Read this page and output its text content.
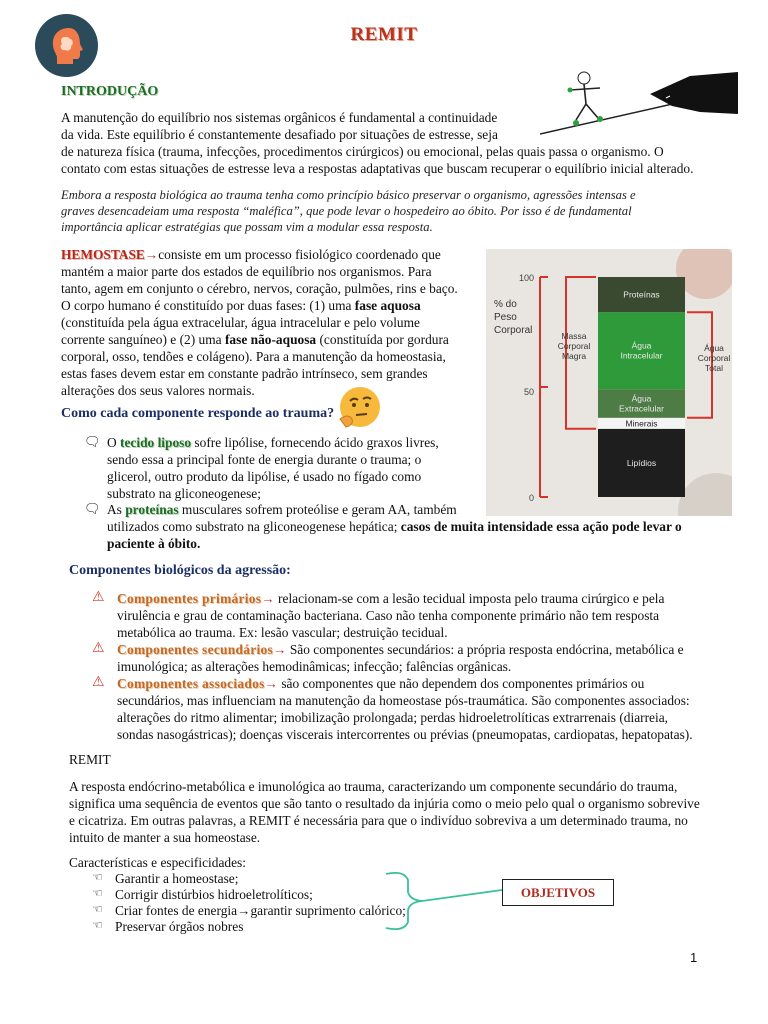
REMIT
INTRODUÇÃO
A manutenção do equilíbrio nos sistemas orgânicos é fundamental a continuidade
da vida. Este equilíbrio é constantemente desafiado por situações de estresse, seja
de natureza física (trauma, infecções, procedimentos cirúrgicos) ou emocional, pelas quais passa o organismo. O
contato com estas situações de estresse leva a respostas adaptativas que buscam recuperar o equilíbrio inicial alterado.
Embora a resposta biológica ao trauma tenha como princípio básico preservar o organismo, agressões intensas e
graves desencadeiam uma resposta “maléfica”, que pode levar o hospedeiro ao óbito. Por isso é de fundamental
importância aplicar estratégias que possam vim a modular essa resposta.
HEMOSTASE→consiste em um processo fisiológico coordenado que
mantém a maior parte dos estados de equilíbrio nos organismos. Para
tanto, agem em conjunto o cérebro, nervos, coração, pulmões, rins e baço.
O corpo humano é constituído por duas fases: (1) uma fase aquosa
(constituída pela água extracelular, água intracelular e pelo volume
corrente sanguíneo) e (2) uma fase não-aquosa (constituída por gordura
corporal, osso, tendões e colágeno). Para a manutenção da homeostasia,
estas fases devem estar em constante padrão intrínseco, sem grandes
alterações dos seus valores normais.
Lipídios
Minerais
Água Extracelular
Água Intracelular
Proteínas
Massa Corporal Magra
Água Corporal Total
100
50
0
% do Peso Corporal
Como cada componente responde ao trauma?
🗨 O tecido liposo sofre lipólise, fornecendo ácido graxos livres,
sendo essa a principal fonte de energia durante o trauma; o
glicerol, outro produto da lipólise, é usado no fígado como
substrato na gliconeogenese;
🗨 As proteínas musculares sofrem proteólise e geram AA, também
utilizados como substrato na gliconeogenese hepática; casos de muita intensidade essa ação pode levar o
paciente à óbito.
Componentes biológicos da agressão:
⚠ Componentes primários→ relacionam-se com a lesão tecidual imposta pelo trauma cirúrgico e pela
virulência e grau de contaminação bacteriana. Caso não tenha componente primário não tem resposta
metabólica ao trauma. Ex: lesão vascular; destruição tecidual.
⚠ Componentes secundários→ São componentes secundários: a própria resposta endócrina, metabólica e
imunológica; as alterações hemodinâmicas; infecção; falências orgânicas.
⚠ Componentes associados→ são componentes que não dependem dos componentes primários ou
secundários, mas influenciam na manutenção da homeostase pós-traumática. São componentes associados:
alterações do ritmo alimentar; imobilização prolongada; perdas hidroeletrolíticas extrarrenais (diarreia,
sondas nasogástricas); doenças viscerais intercorrentes ou prévias (pneumopatas, cardiopatas, hepatopatas).
REMIT
A resposta endócrino-metabólica e imunológica ao trauma, caracterizando um componente secundário do trauma,
significa uma sequência de eventos que são tanto o resultado da injúria como o meio pelo qual o organismo sobrevive
e cicatriza. Em outras palavras, a REMIT é necessária para que o indivíduo sobreviva a um determinado trauma, no
intuito de manter a sua homeostase.
Características e especificidades:
☜ Garantir a homeostase;
☜ Corrigir distúrbios hidroeletrolíticos;
☜ Criar fontes de energia→garantir suprimento calórico;
☜ Preservar órgãos nobres
OBJETIVOS
1
